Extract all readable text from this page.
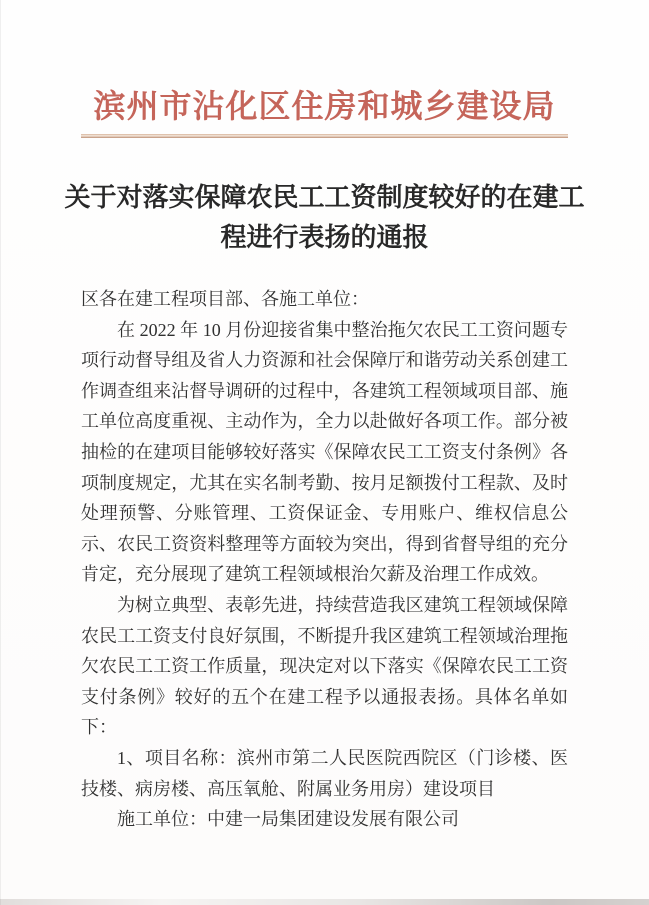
滨州市沾化区住房和城乡建设局
关于对落实保障农民工工资制度较好的在建工程进行表扬的通报

区各在建工程项目部、各施工单位：

在 2022 年 10 月份迎接省集中整治拖欠农民工工资问题专项行动督导组及省人力资源和社会保障厅和谐劳动关系创建工作调查组来沾督导调研的过程中，各建筑工程领域项目部、施工单位高度重视、主动作为，全力以赴做好各项工作。部分被抽检的在建项目能够较好落实《保障农民工工资支付条例》各项制度规定，尤其在实名制考勤、按月足额拨付工程款、及时处理预警、分账管理、工资保证金、专用账户、维权信息公示、农民工资资料整理等方面较为突出，得到省督导组的充分肯定，充分展现了建筑工程领域根治欠薪及治理工作成效。

为树立典型、表彰先进，持续营造我区建筑工程领域保障农民工工资支付良好氛围，不断提升我区建筑工程领域治理拖欠农民工工资工作质量，现决定对以下落实《保障农民工工资支付条例》较好的五个在建工程予以通报表扬。具体名单如下：

1、项目名称：滨州市第二人民医院西院区（门诊楼、医技楼、病房楼、高压氧舱、附属业务用房）建设项目

施工单位：中建一局集团建设发展有限公司
